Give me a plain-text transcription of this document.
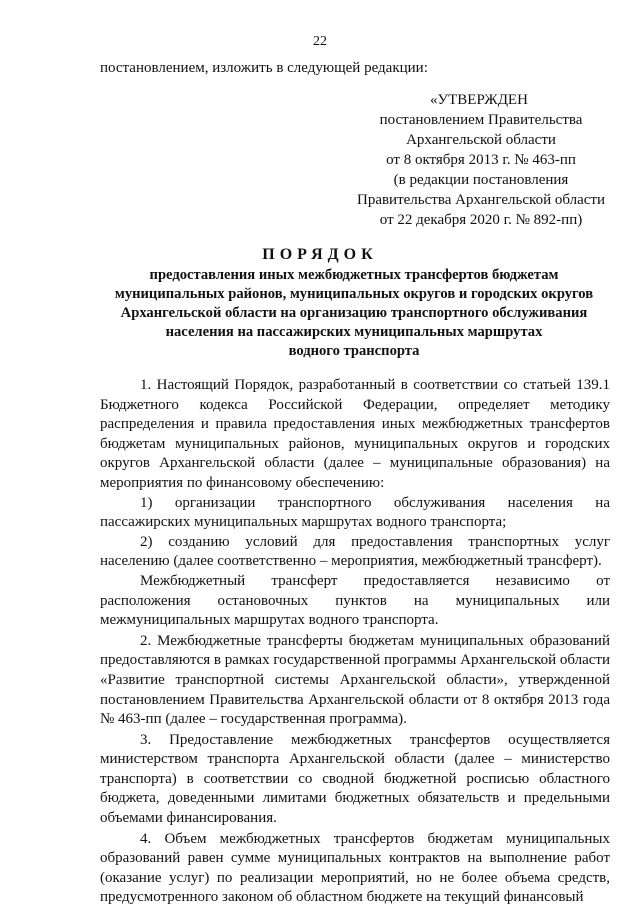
22
постановлением, изложить в следующей редакции:
«УТВЕРЖДЕН
постановлением Правительства
Архангельской области
от 8 октября 2013 г. № 463-пп
(в редакции постановления
Правительства Архангельской области
от 22 декабря 2020 г. № 892-пп)
ПОРЯДОК
предоставления иных межбюджетных трансфертов бюджетам
муниципальных районов, муниципальных округов и городских округов
Архангельской области на организацию транспортного обслуживания
населения на пассажирских муниципальных маршрутах
водного транспорта

1. Настоящий Порядок, разработанный в соответствии со статьей 139.1 Бюджетного кодекса Российской Федерации, определяет методику распределения и правила предоставления иных межбюджетных трансфертов бюджетам муниципальных районов, муниципальных округов и городских округов Архангельской области (далее – муниципальные образования) на мероприятия по финансовому обеспечению:

1) организации транспортного обслуживания населения на пассажирских муниципальных маршрутах водного транспорта;

2) созданию условий для предоставления транспортных услуг населению (далее соответственно – мероприятия, межбюджетный трансферт).

Межбюджетный трансферт предоставляется независимо от расположения остановочных пунктов на муниципальных или межмуниципальных маршрутах водного транспорта.

2. Межбюджетные трансферты бюджетам муниципальных образований предоставляются в рамках государственной программы Архангельской области «Развитие транспортной системы Архангельской области», утвержденной постановлением Правительства Архангельской области от 8 октября 2013 года № 463-пп (далее – государственная программа).

3. Предоставление межбюджетных трансфертов осуществляется министерством транспорта Архангельской области (далее – министерство транспорта) в соответствии со сводной бюджетной росписью областного бюджета, доведенными лимитами бюджетных обязательств и предельными объемами финансирования.

4. Объем межбюджетных трансфертов бюджетам муниципальных образований равен сумме муниципальных контрактов на выполнение работ (оказание услуг) по реализации мероприятий, но не более объема средств, предусмотренного законом об областном бюджете на текущий финансовый
